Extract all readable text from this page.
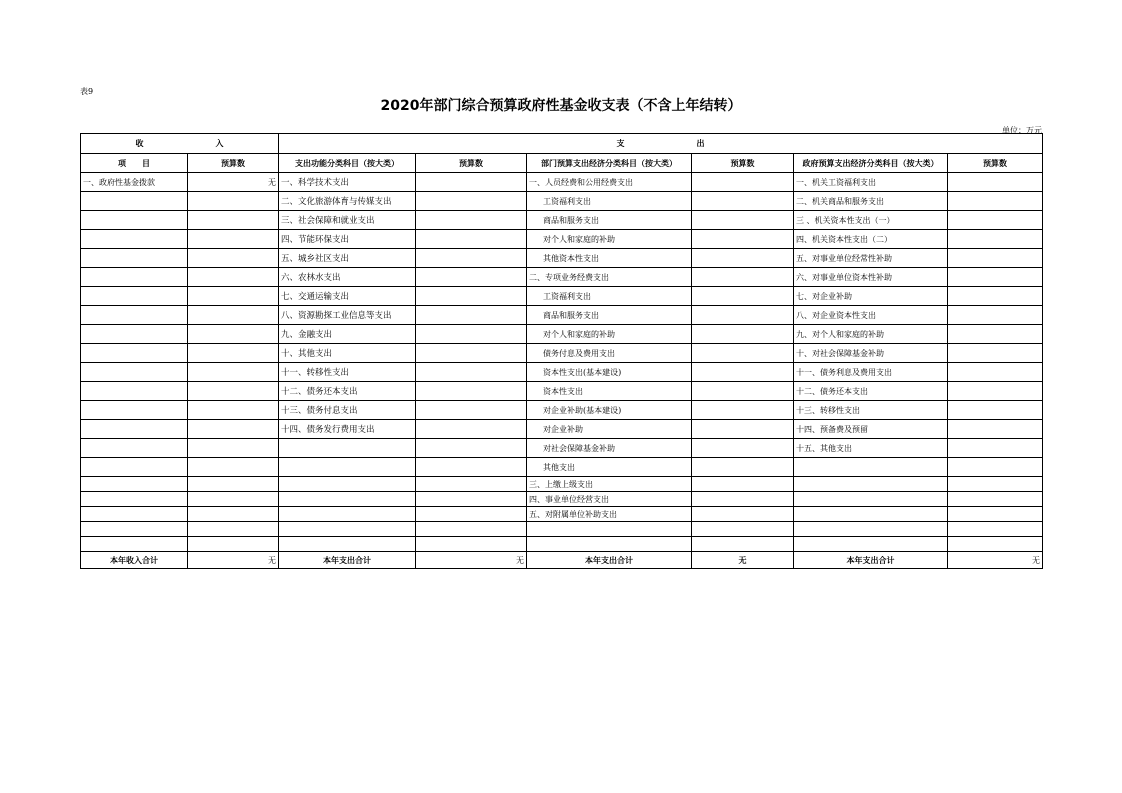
表9
2020年部门综合预算政府性基金收支表（不含上年结转）
单位：万元
收　　　　　　　　　入		支　　　　　　　　　出					
项　　目	预算数	支出功能分类科目（按大类）	预算数	部门预算支出经济分类科目（按大类）	预算数	政府预算支出经济分类科目（按大类）	预算数
一、政府性基金拨款	无	一、科学技术支出		一、人员经费和公用经费支出		一、机关工资福利支出	
		二、文化旅游体育与传媒支出		工资福利支出		二、机关商品和服务支出	
		三、社会保障和就业支出		商品和服务支出		三 、机关资本性支出（一）	
		四、节能环保支出		对个人和家庭的补助		四、机关资本性支出（二）	
		五、城乡社区支出		其他资本性支出		五、对事业单位经常性补助	
		六、农林水支出		二、专项业务经费支出		六、对事业单位资本性补助	
		七、交通运输支出		工资福利支出		七、对企业补助	
		八、资源勘探工业信息等支出		商品和服务支出		八、对企业资本性支出	
		九、金融支出		对个人和家庭的补助		九、对个人和家庭的补助	
		十、其他支出		债务付息及费用支出		十、对社会保障基金补助	
		十一、转移性支出		资本性支出(基本建设)		十一、债务利息及费用支出	
		十二、债务还本支出		资本性支出		十二、债务还本支出	
		十三、债务付息支出		对企业补助(基本建设)		十三、转移性支出	
		十四、债务发行费用支出		对企业补助		十四、预备费及预留	
				对社会保障基金补助		十五、其他支出	
				其他支出			
				三、上缴上级支出			
				四、事业单位经营支出			
				五、对附属单位补助支出			

本年收入合计	无	本年支出合计	无	本年支出合计	无	本年支出合计	无
